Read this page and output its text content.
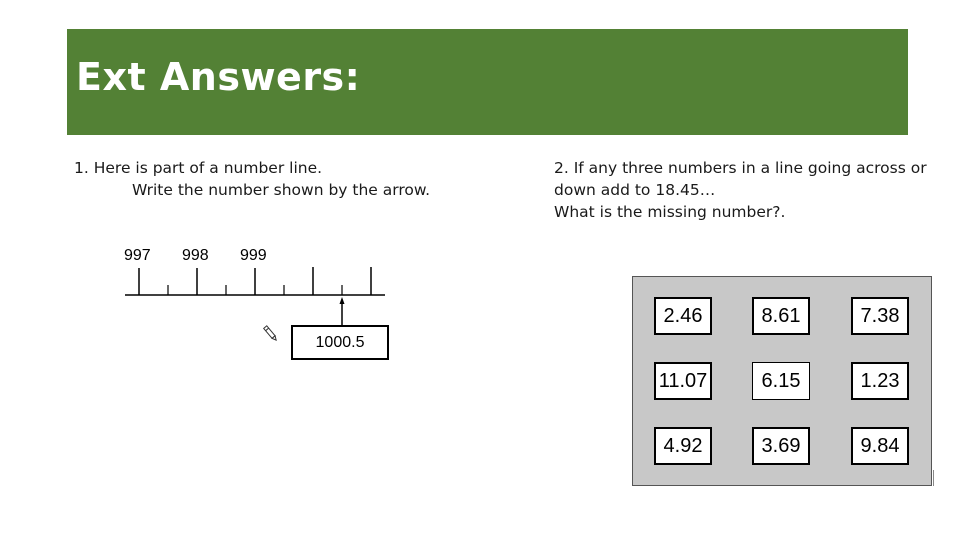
Ext Answers:
1. Here is part of a number line.
Write the number shown by the arrow.
997 998 999
1000.5
2. If any three numbers in a line going across or
down add to 18.45…
What is the missing number?.
2.46	8.61	7.38
11.07	6.15	1.23
4.92	3.69	9.84
